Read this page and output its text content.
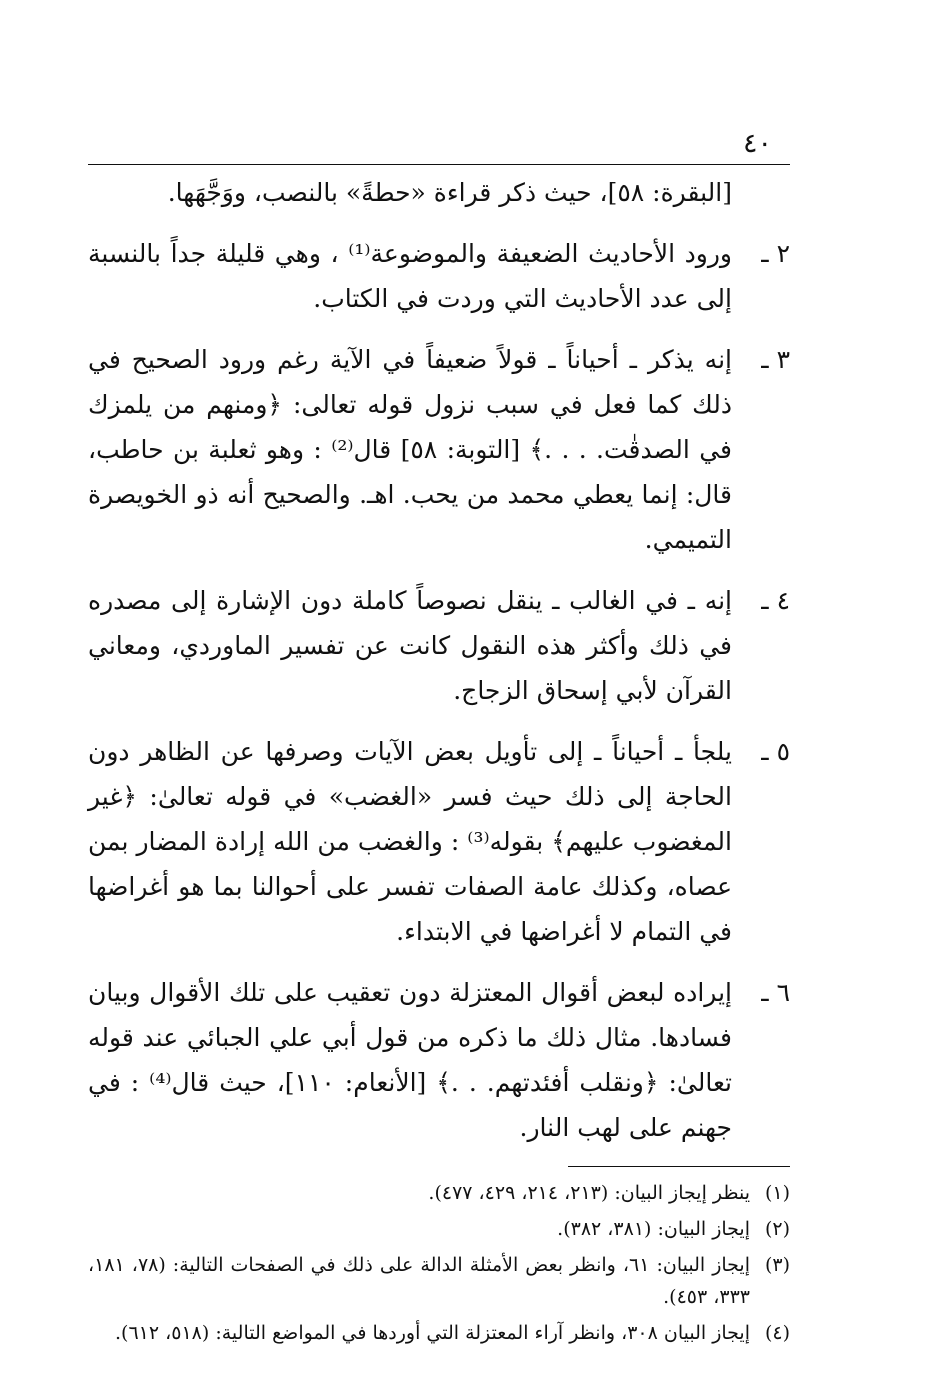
٤٠
[البقرة: ٥٨]، حيث ذكر قراءة «حطةً» بالنصب، ووَجَّهَها.
٢ ـ
ورود الأحاديث الضعيفة والموضوعة⁽¹⁾ ، وهي قليلة جداً بالنسبة إلى عدد الأحاديث التي وردت في الكتاب.
٣ ـ
إنه يذكر ـ أحياناً ـ قولاً ضعيفاً في الآية رغم ورود الصحيح في ذلك كما فعل في سبب نزول قوله تعالى: ﴿ومنهم من يلمزك في الصدقٰت. . . .﴾ [التوبة: ٥٨] قال⁽²⁾ : وهو ثعلبة بن حاطب، قال: إنما يعطي محمد من يحب. اهـ. والصحيح أنه ذو الخويصرة التميمي.
٤ ـ
إنه ـ في الغالب ـ ينقل نصوصاً كاملة دون الإشارة إلى مصدره في ذلك وأكثر هذه النقول كانت عن تفسير الماوردي، ومعاني القرآن لأبي إسحاق الزجاج.
٥ ـ
يلجأ ـ أحياناً ـ إلى تأويل بعض الآيات وصرفها عن الظاهر دون الحاجة إلى ذلك حيث فسر «الغضب» في قوله تعالىٰ: ﴿غير المغضوب عليهم﴾ بقوله⁽³⁾ : والغضب من الله إرادة المضار بمن عصاه، وكذلك عامة الصفات تفسر على أحوالنا بما هو أغراضها في التمام لا أغراضها في الابتداء.
٦ ـ
إيراده لبعض أقوال المعتزلة دون تعقيب على تلك الأقوال وبيان فسادها. مثال ذلك ما ذكره من قول أبي علي الجبائي عند قوله تعالىٰ: ﴿ونقلب أفئدتهم. . .﴾ [الأنعام: ١١٠]، حيث قال⁽⁴⁾ : في جهنم على لهب النار.
(١)
ينظر إيجاز البيان: (٢١٣، ٢١٤، ٤٢٩، ٤٧٧).
(٢)
إيجاز البيان: (٣٨١، ٣٨٢).
(٣)
إيجاز البيان: ٦١، وانظر بعض الأمثلة الدالة على ذلك في الصفحات التالية: (٧٨، ١٨١، ٣٣٣، ٤٥٣).
(٤)
إيجاز البيان ٣٠٨، وانظر آراء المعتزلة التي أوردها في المواضع التالية: (٥١٨، ٦١٢).
